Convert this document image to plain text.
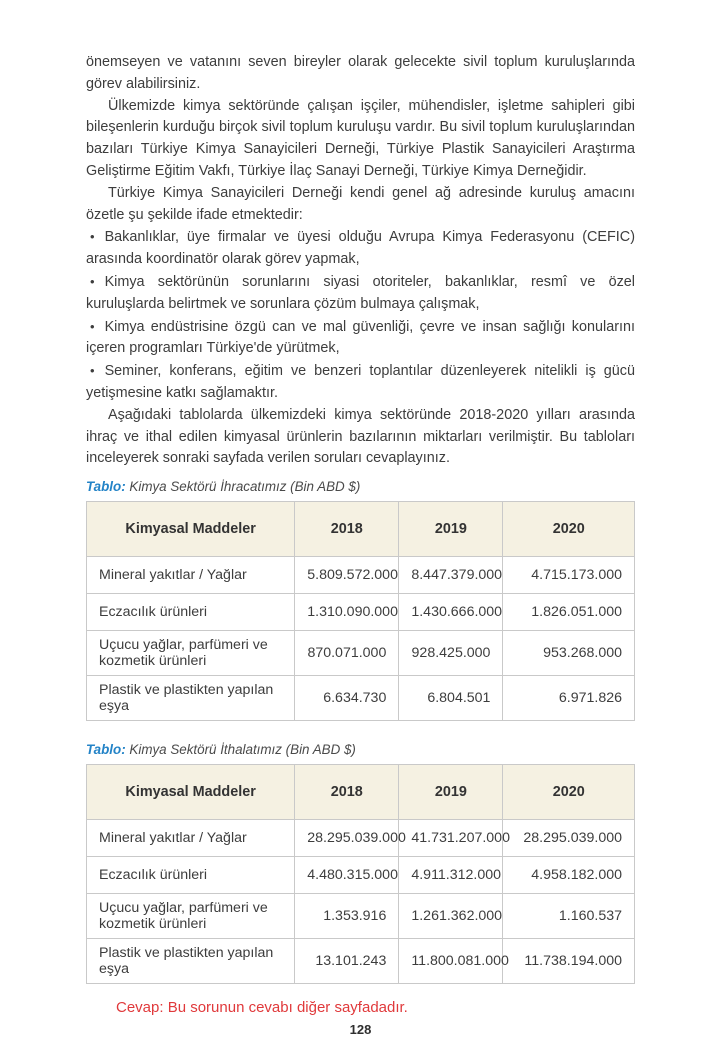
önemseyen ve vatanını seven bireyler olarak gelecekte sivil toplum kuruluşlarında görev alabilirsiniz.

Ülkemizde kimya sektöründe çalışan işçiler, mühendisler, işletme sahipleri gibi bileşenlerin kurduğu birçok sivil toplum kuruluşu vardır. Bu sivil toplum kuruluşlarından bazıları Türkiye Kimya Sanayicileri Derneği, Türkiye Plastik Sanayicileri Araştırma Geliştirme Eğitim Vakfı, Türkiye İlaç Sanayi Derneği, Türkiye Kimya Derneğidir.

Türkiye Kimya Sanayicileri Derneği kendi genel ağ adresinde kuruluş amacını özetle şu şekilde ifade etmektedir:

• Bakanlıklar, üye firmalar ve üyesi olduğu Avrupa Kimya Federasyonu (CEFIC) arasında koordinatör olarak görev yapmak,

• Kimya sektörünün sorunlarını siyasi otoriteler, bakanlıklar, resmî ve özel kuruluşlarda belirtmek ve sorunlara çözüm bulmaya çalışmak,

• Kimya endüstrisine özgü can ve mal güvenliği, çevre ve insan sağlığı konularını içeren programları Türkiye'de yürütmek,

• Seminer, konferans, eğitim ve benzeri toplantılar düzenleyerek nitelikli iş gücü yetişmesine katkı sağlamaktır.

Aşağıdaki tablolarda ülkemizdeki kimya sektöründe 2018-2020 yılları arasında ihraç ve ithal edilen kimyasal ürünlerin bazılarının miktarları verilmiştir. Bu tabloları inceleyerek sonraki sayfada verilen soruları cevaplayınız.

Tablo: Kimya Sektörü İhracatımız (Bin ABD $)

Kimyasal Maddeler	2018	2019	2020
Mineral yakıtlar / Yağlar	5.809.572.000	8.447.379.000	4.715.173.000
Eczacılık ürünleri	1.310.090.000	1.430.666.000	1.826.051.000
Uçucu yağlar, parfümeri ve kozmetik ürünleri	870.071.000	928.425.000	953.268.000
Plastik ve plastikten yapılan eşya	6.634.730	6.804.501	6.971.826

Tablo: Kimya Sektörü İthalatımız (Bin ABD $)

Kimyasal Maddeler	2018	2019	2020
Mineral yakıtlar / Yağlar	28.295.039.000	41.731.207.000	28.295.039.000
Eczacılık ürünleri	4.480.315.000	4.911.312.000	4.958.182.000
Uçucu yağlar, parfümeri ve kozmetik ürünleri	1.353.916	1.261.362.000	1.160.537
Plastik ve plastikten yapılan eşya	13.101.243	11.800.081.000	11.738.194.000

Cevap: Bu sorunun cevabı diğer sayfadadır.

128
